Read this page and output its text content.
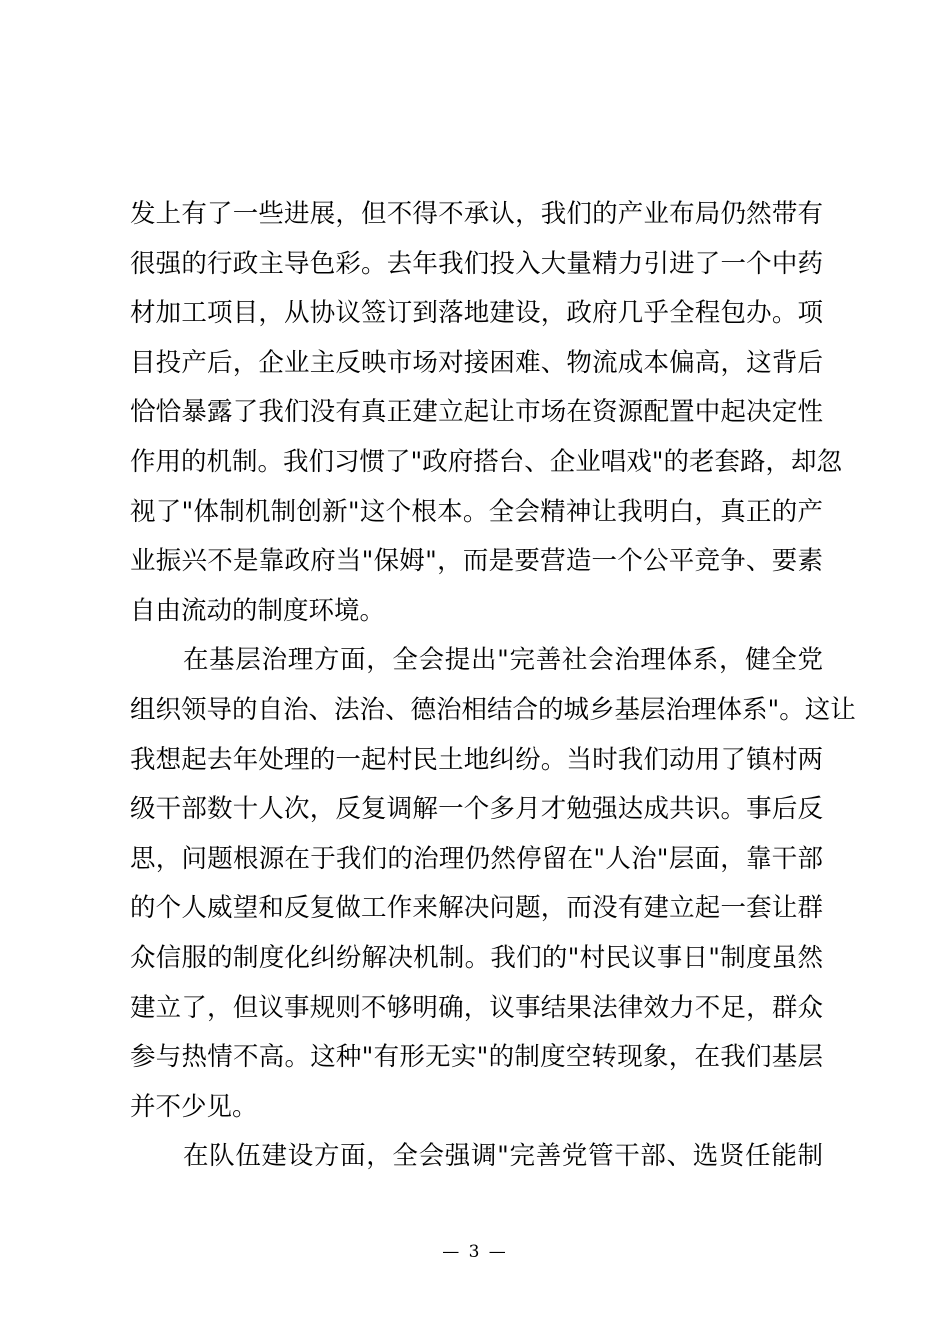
发上有了一些进展，但不得不承认，我们的产业布局仍然带有
很强的行政主导色彩。去年我们投入大量精力引进了一个中药
材加工项目，从协议签订到落地建设，政府几乎全程包办。项
目投产后，企业主反映市场对接困难、物流成本偏高，这背后
恰恰暴露了我们没有真正建立起让市场在资源配置中起决定性
作用的机制。我们习惯了"政府搭台、企业唱戏"的老套路，却忽
视了"体制机制创新"这个根本。全会精神让我明白，真正的产
业振兴不是靠政府当"保姆"，而是要营造一个公平竞争、要素
自由流动的制度环境。
在基层治理方面，全会提出"完善社会治理体系，健全党
组织领导的自治、法治、德治相结合的城乡基层治理体系"。这让
我想起去年处理的一起村民土地纠纷。当时我们动用了镇村两
级干部数十人次，反复调解一个多月才勉强达成共识。事后反
思，问题根源在于我们的治理仍然停留在"人治"层面，靠干部
的个人威望和反复做工作来解决问题，而没有建立起一套让群
众信服的制度化纠纷解决机制。我们的"村民议事日"制度虽然
建立了，但议事规则不够明确，议事结果法律效力不足，群众
参与热情不高。这种"有形无实"的制度空转现象，在我们基层
并不少见。
在队伍建设方面，全会强调"完善党管干部、选贤任能制
— 3 —
